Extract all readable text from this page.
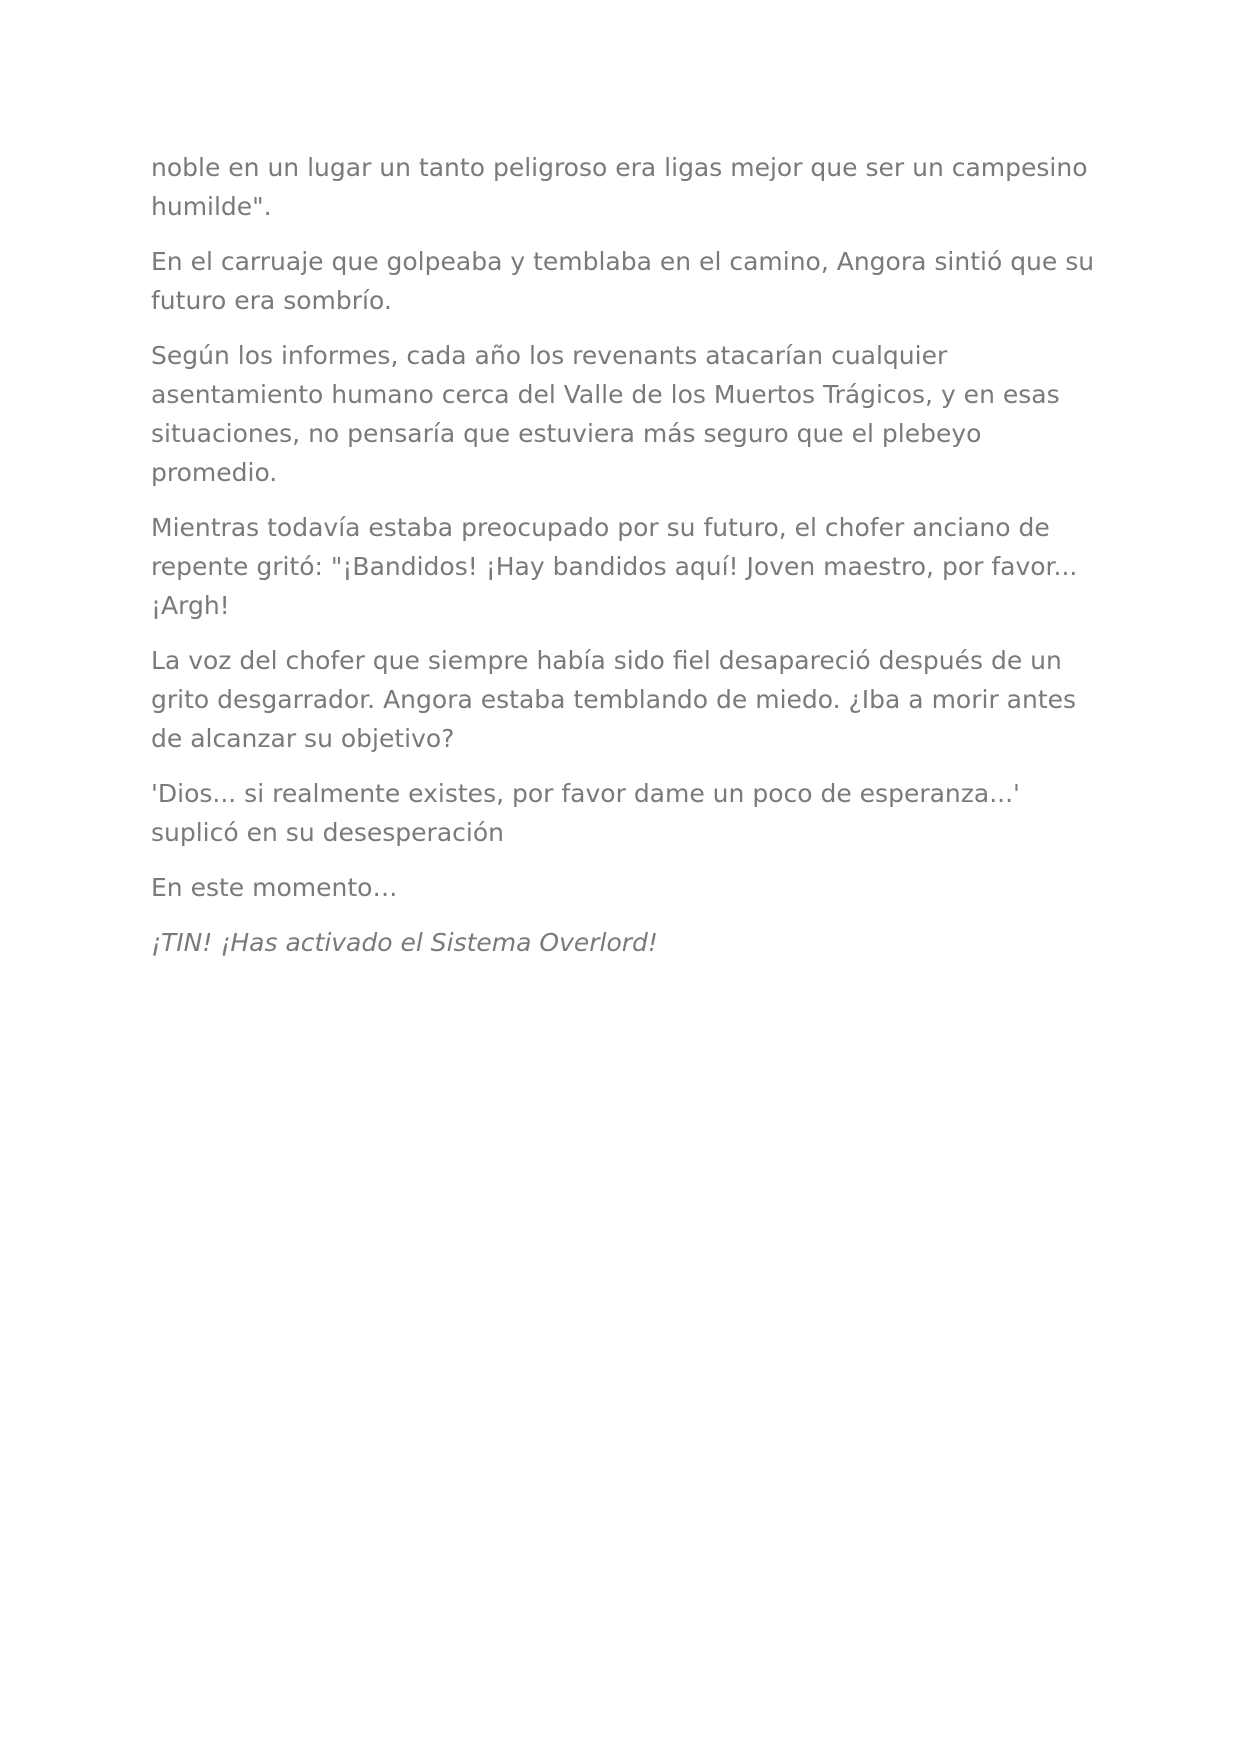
noble en un lugar un tanto peligroso era ligas mejor que ser un campesino humilde".

En el carruaje que golpeaba y temblaba en el camino, Angora sintió que su futuro era sombrío.

Según los informes, cada año los revenants atacarían cualquier asentamiento humano cerca del Valle de los Muertos Trágicos, y en esas situaciones, no pensaría que estuviera más seguro que el plebeyo promedio.

Mientras todavía estaba preocupado por su futuro, el chofer anciano de repente gritó: "¡Bandidos! ¡Hay bandidos aquí! Joven maestro, por favor... ¡Argh!

La voz del chofer que siempre había sido fiel desapareció después de un grito desgarrador. Angora estaba temblando de miedo. ¿Iba a morir antes de alcanzar su objetivo?

'Dios... si realmente existes, por favor dame un poco de esperanza...' suplicó en su desesperación

En este momento…

¡TIN! ¡Has activado el Sistema Overlord!
